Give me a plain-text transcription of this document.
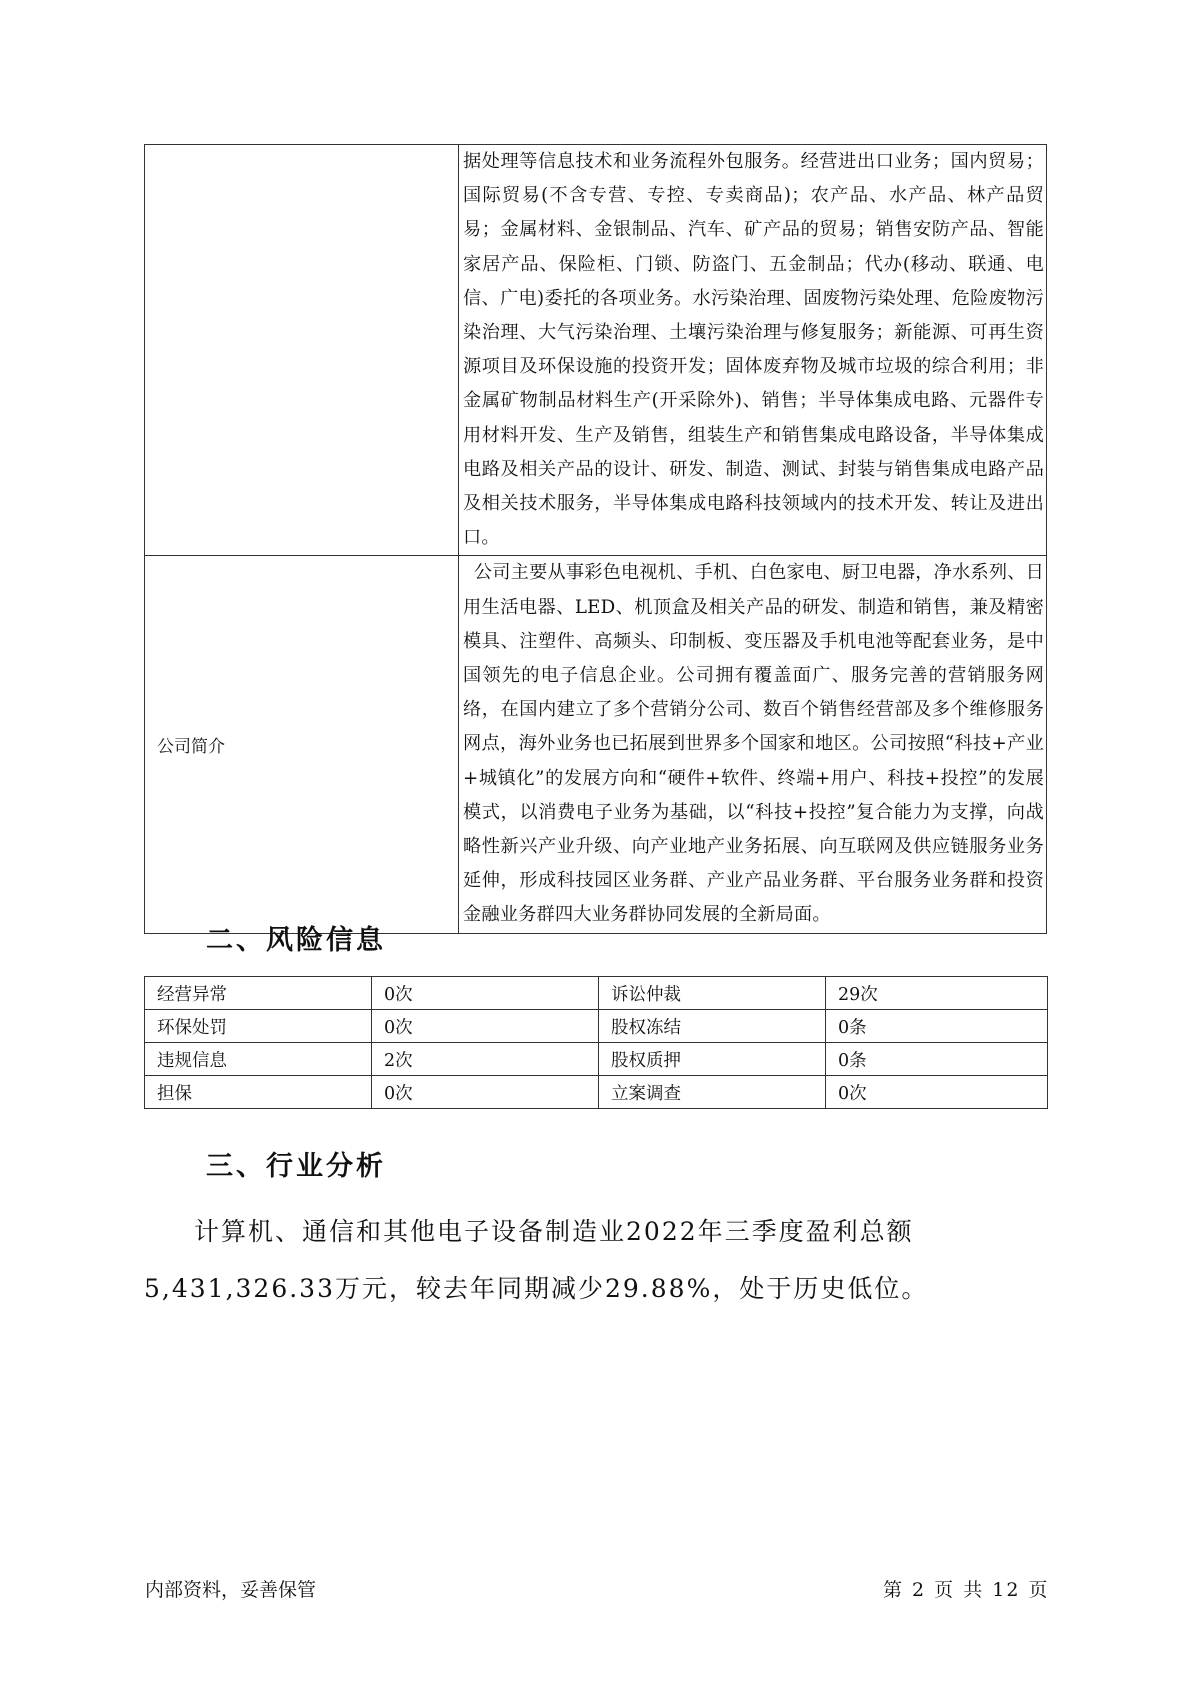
	据处理等信息技术和业务流程外包服务。经营进出口业务；国内贸易；国际贸易(不含专营、专控、专卖商品)；农产品、水产品、林产品贸易；金属材料、金银制品、汽车、矿产品的贸易；销售安防产品、智能家居产品、保险柜、门锁、防盗门、五金制品；代办(移动、联通、电信、广电)委托的各项业务。水污染治理、固废物污染处理、危险废物污染治理、大气污染治理、土壤污染治理与修复服务；新能源、可再生资源项目及环保设施的投资开发；固体废弃物及城市垃圾的综合利用；非金属矿物制品材料生产(开采除外)、销售；半导体集成电路、元器件专用材料开发、生产及销售，组装生产和销售集成电路设备，半导体集成电路及相关产品的设计、研发、制造、测试、封装与销售集成电路产品及相关技术服务，半导体集成电路科技领域内的技术开发、转让及进出口。
公司简介	公司主要从事彩色电视机、手机、白色家电、厨卫电器，净水系列、日用生活电器、LED、机顶盒及相关产品的研发、制造和销售，兼及精密模具、注塑件、高频头、印制板、变压器及手机电池等配套业务，是中国领先的电子信息企业。公司拥有覆盖面广、服务完善的营销服务网络，在国内建立了多个营销分公司、数百个销售经营部及多个维修服务网点，海外业务也已拓展到世界多个国家和地区。公司按照“科技+产业+城镇化”的发展方向和“硬件+软件、终端+用户、科技+投控”的发展模式，以消费电子业务为基础，以“科技+投控”复合能力为支撑，向战略性新兴产业升级、向产业地产业务拓展、向互联网及供应链服务业务延伸，形成科技园区业务群、产业产品业务群、平台服务业务群和投资金融业务群四大业务群协同发展的全新局面。
二、风险信息
经营异常	0次	诉讼仲裁	29次
环保处罚	0次	股权冻结	0条
违规信息	2次	股权质押	0条
担保	0次	立案调查	0次
三、行业分析

计算机、通信和其他电子设备制造业2022年三季度盈利总额5,431,326.33万元，较去年同期减少29.88%，处于历史低位。

内部资料，妥善保管	第 2 页 共 12 页
